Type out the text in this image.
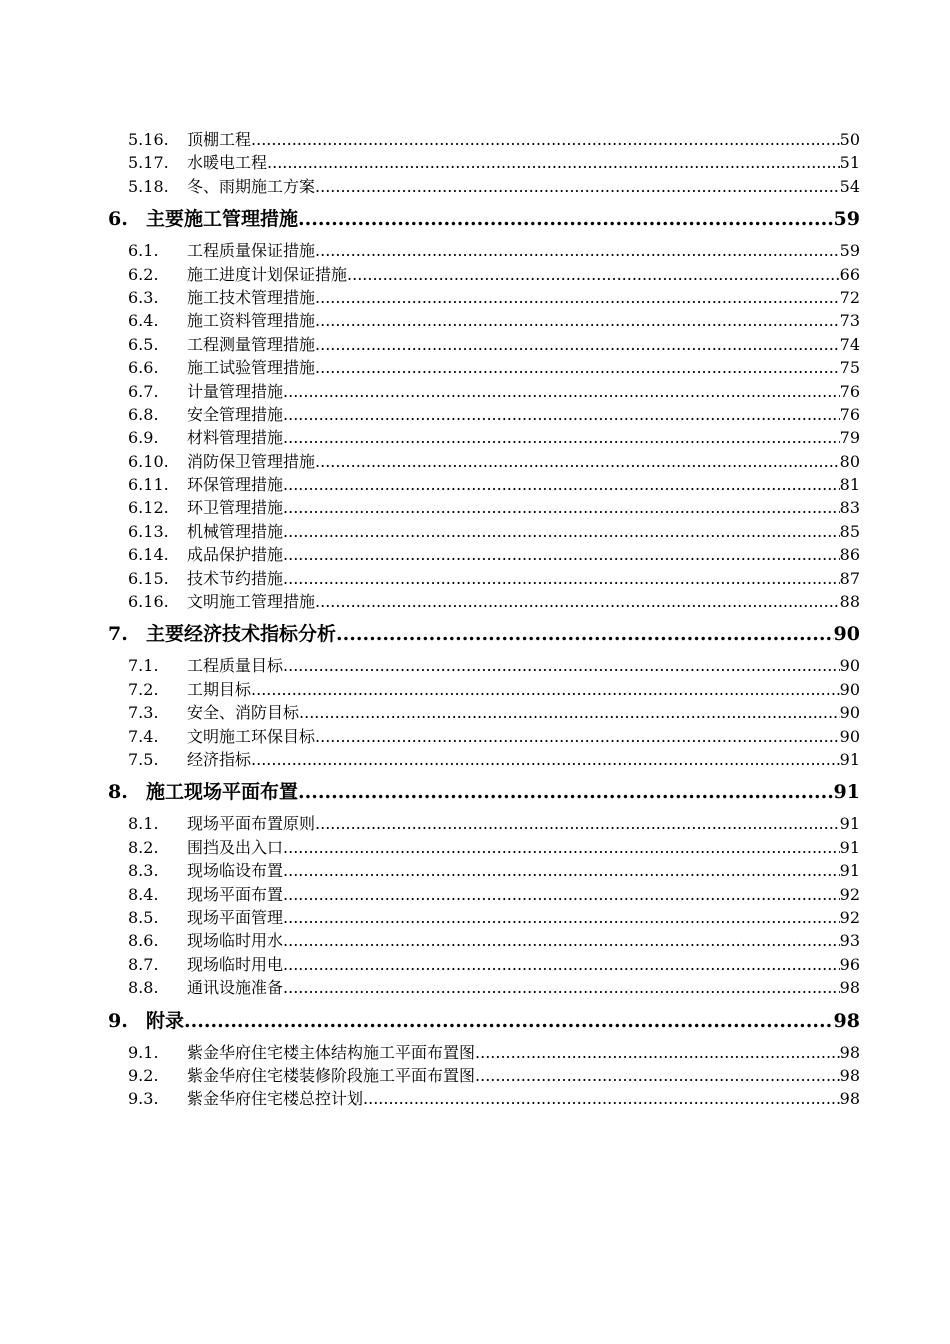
5.16.	顶棚工程 .....	50
5.17.	水暖电工程 .....	51
5.18.	冬、雨期施工方案 .....	54
6. 主要施工管理措施 .....	59
6.1.	工程质量保证措施 .....	59
6.2.	施工进度计划保证措施 .....	66
6.3.	施工技术管理措施 .....	72
6.4.	施工资料管理措施 .....	73
6.5.	工程测量管理措施 .....	74
6.6.	施工试验管理措施 .....	75
6.7.	计量管理措施 .....	76
6.8.	安全管理措施 .....	76
6.9.	材料管理措施 .....	79
6.10.	消防保卫管理措施 .....	80
6.11.	环保管理措施 .....	81
6.12.	环卫管理措施 .....	83
6.13.	机械管理措施 .....	85
6.14.	成品保护措施 .....	86
6.15.	技术节约措施 .....	87
6.16.	文明施工管理措施 .....	88
7. 主要经济技术指标分析 .....	90
7.1.	工程质量目标 .....	90
7.2.	工期目标 .....	90
7.3.	安全、消防目标 .....	90
7.4.	文明施工环保目标 .....	90
7.5.	经济指标 .....	91
8. 施工现场平面布置 .....	91
8.1.	现场平面布置原则 .....	91
8.2.	围挡及出入口 .....	91
8.3.	现场临设布置 .....	91
8.4.	现场平面布置 .....	92
8.5.	现场平面管理 .....	92
8.6.	现场临时用水 .....	93
8.7.	现场临时用电 .....	96
8.8.	通讯设施准备 .....	98
9. 附录 .....	98
9.1.	紫金华府住宅楼主体结构施工平面布置图 .....	98
9.2.	紫金华府住宅楼装修阶段施工平面布置图 .....	98
9.3.	紫金华府住宅楼总控计划 .....	98
